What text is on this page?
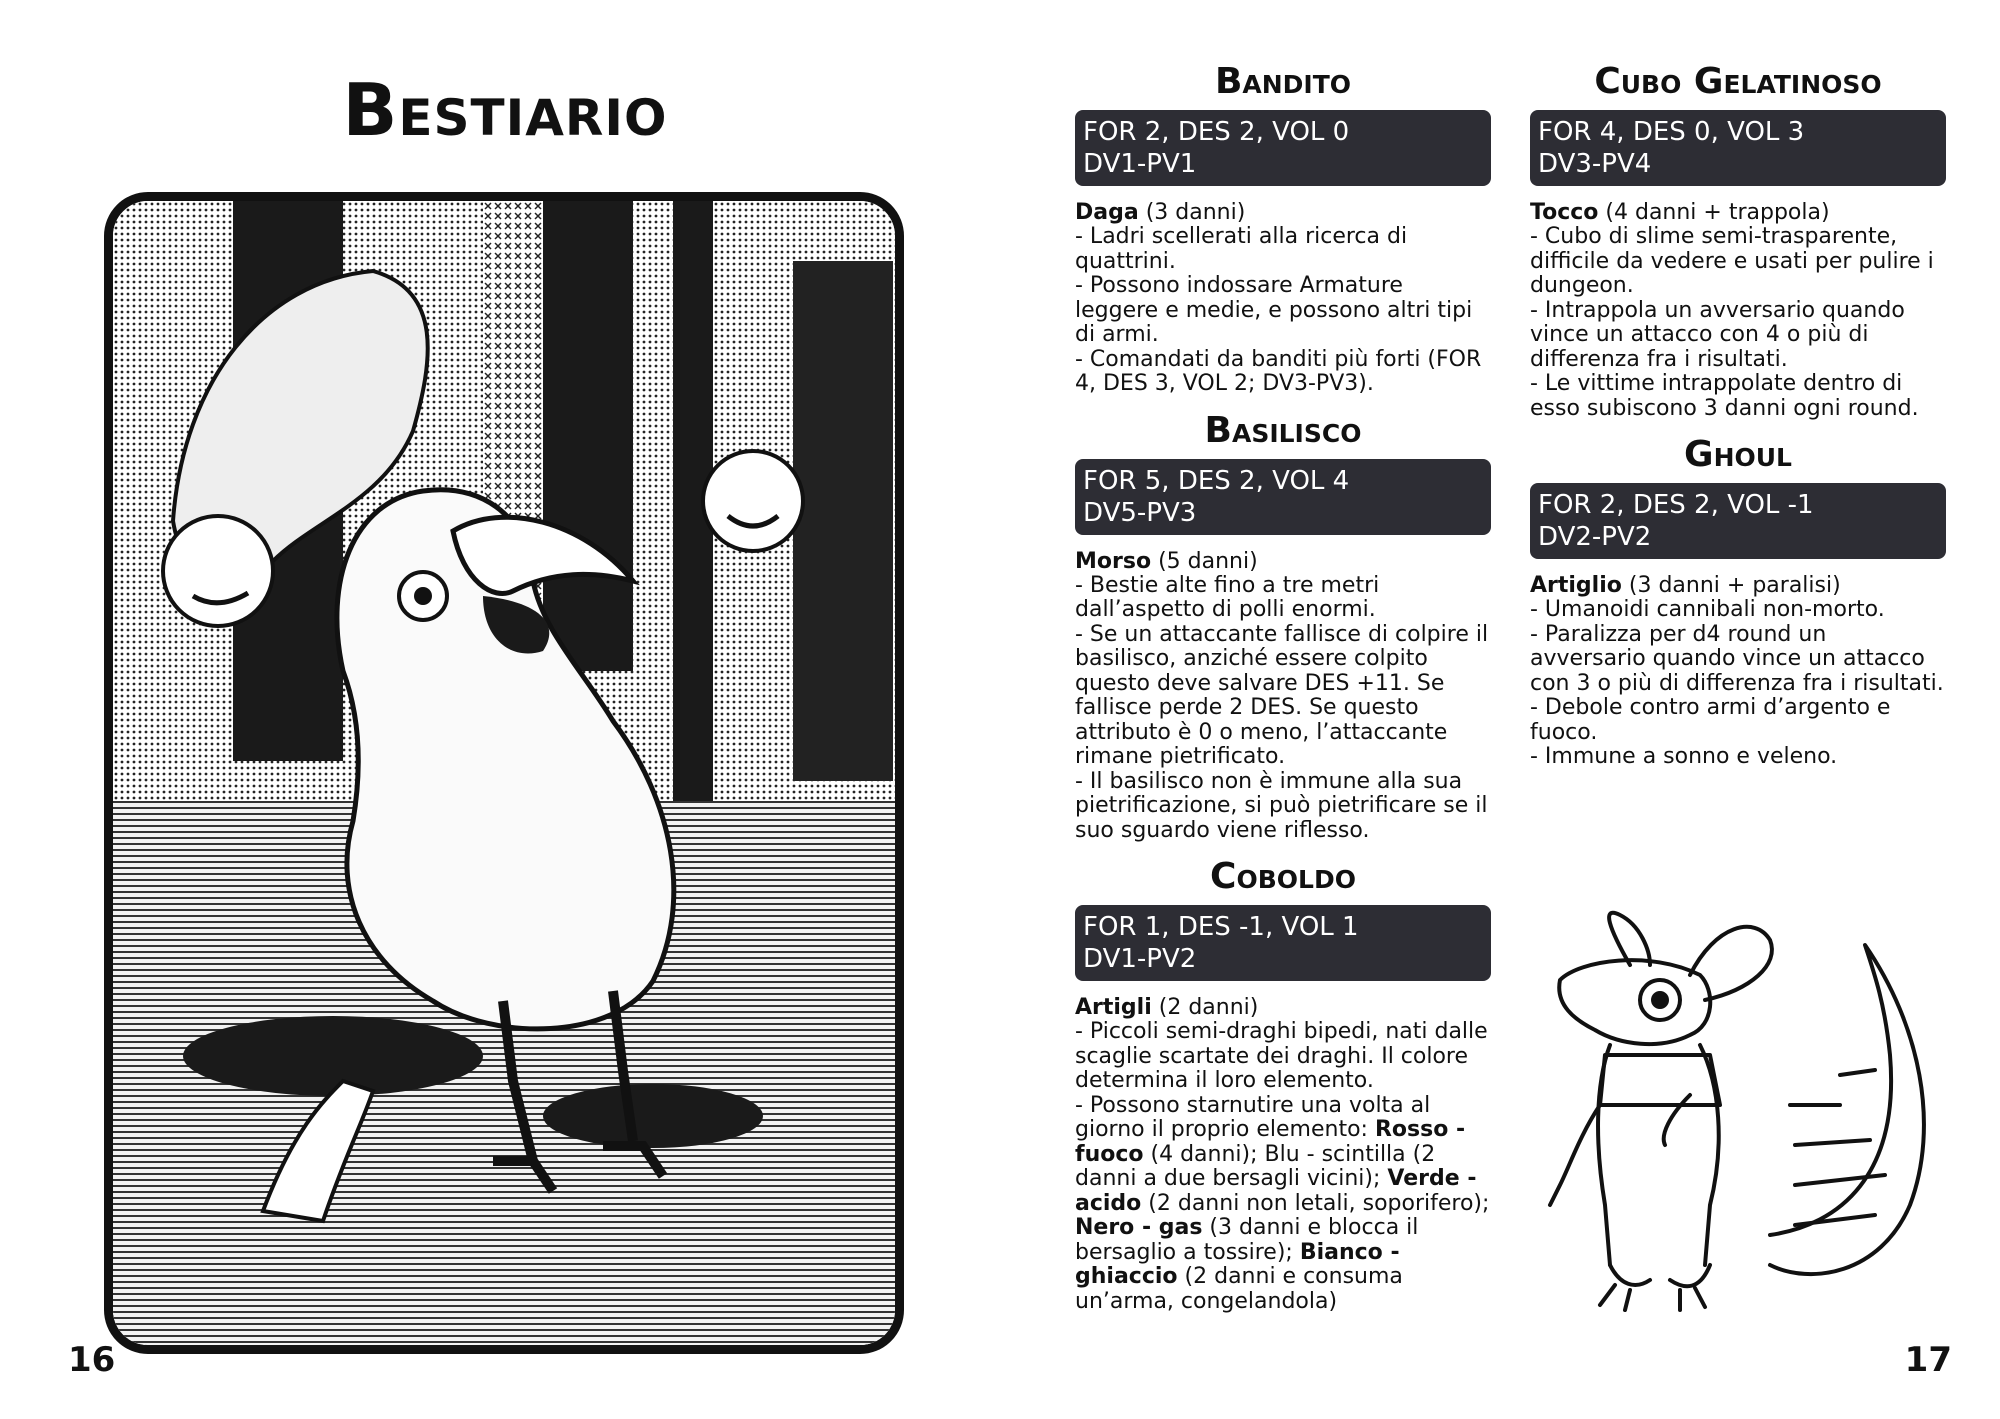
Bestiario
16	17
Bandito
FOR 2, DES 2, VOL 0
DV1-PV1
Daga (3 danni)

- Ladri scellerati alla ricerca di quattrini.

- Possono indossare Armature leggere e medie, e possono altri tipi di armi.

- Comandati da banditi più forti (FOR 4, DES 3, VOL 2; DV3-PV3).

Basilisco
FOR 5, DES 2, VOL 4
DV5-PV3
Morso (5 danni)

- Bestie alte fino a tre metri dall’aspetto di polli enormi.

- Se un attaccante fallisce di colpire il basilisco, anziché essere colpito questo deve salvare DES +11. Se fallisce perde 2 DES. Se questo attributo è 0 o meno, l’attaccante rimane pietrificato.

- Il basilisco non è immune alla sua pietrificazione, si può pietrificare se il suo sguardo viene riflesso.

Coboldo
FOR 1, DES -1, VOL 1
DV1-PV2
Artigli (2 danni)

- Piccoli semi-draghi bipedi, nati dalle scaglie scartate dei draghi. Il colore determina il loro elemento.

- Possono starnutire una volta al giorno il proprio elemento: Rosso - fuoco (4 danni); Blu - scintilla (2 danni a due bersagli vicini); Verde - acido (2 danni non letali, soporifero); Nero - gas (3 danni e blocca il bersaglio a tossire); Bianco - ghiaccio (2 danni e consuma un’arma, congelandola)

Cubo Gelatinoso
FOR 4, DES 0, VOL 3
DV3-PV4
Tocco (4 danni + trappola)

- Cubo di slime semi-trasparente, difficile da vedere e usati per pulire i dungeon.

- Intrappola un avversario quando vince un attacco con 4 o più di differenza fra i risultati.

- Le vittime intrappolate dentro di esso subiscono 3 danni ogni round.

Ghoul
FOR 2, DES 2, VOL -1
DV2-PV2
Artiglio (3 danni + paralisi)

- Umanoidi cannibali non-morto.

- Paralizza per d4 round un avversario quando vince un attacco con 3 o più di differenza fra i risultati.

- Debole contro armi d’argento e fuoco.

- Immune a sonno e veleno.
